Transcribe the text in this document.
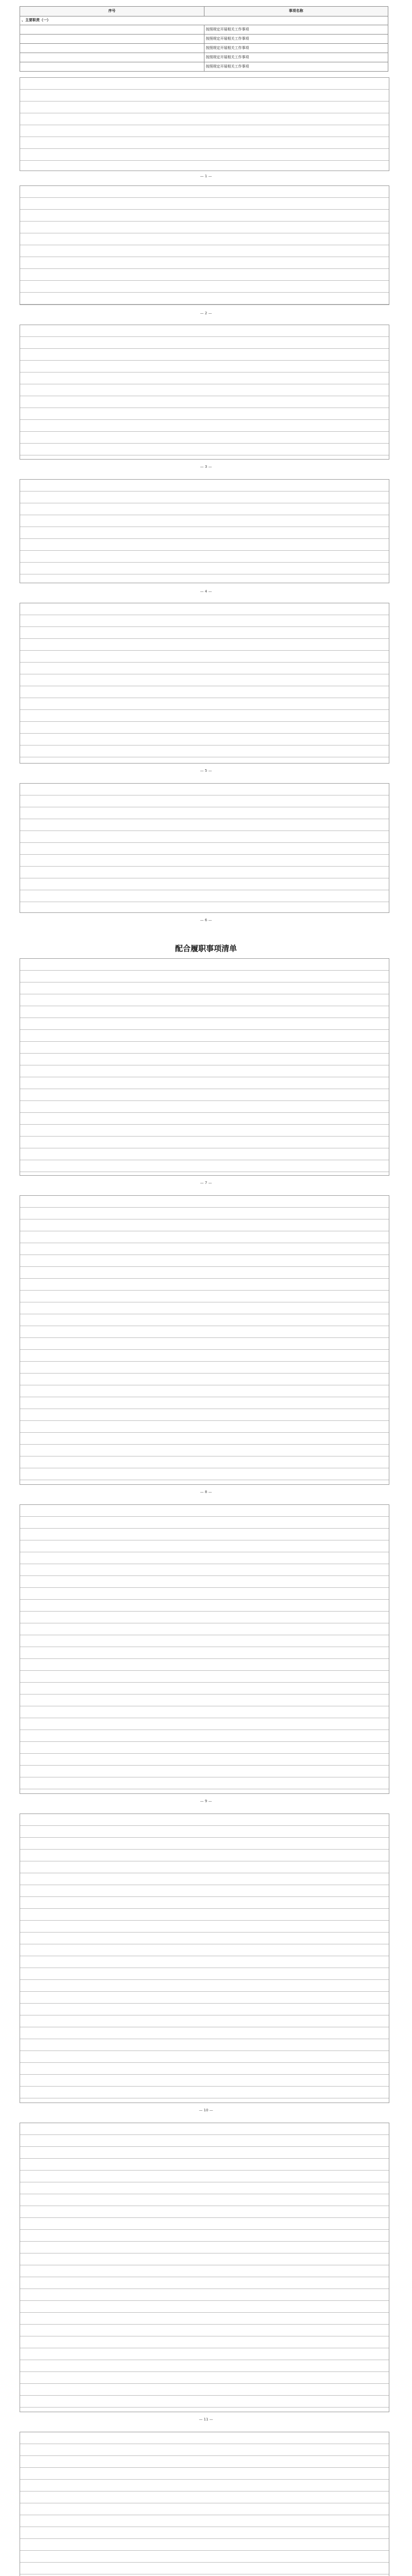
序号	事项名称
、主要职责（一）	
	按照规定开展相关工作事项
	按照规定开展相关工作事项
	按照规定开展相关工作事项
	按照规定开展相关工作事项
	按照规定开展相关工作事项
— 1 —
— 2 —
— 3 —
— 4 —
— 5 —
— 6 —
配合履职事项清单
— 7 —
— 8 —
— 9 —
— 10 —
— 11 —
